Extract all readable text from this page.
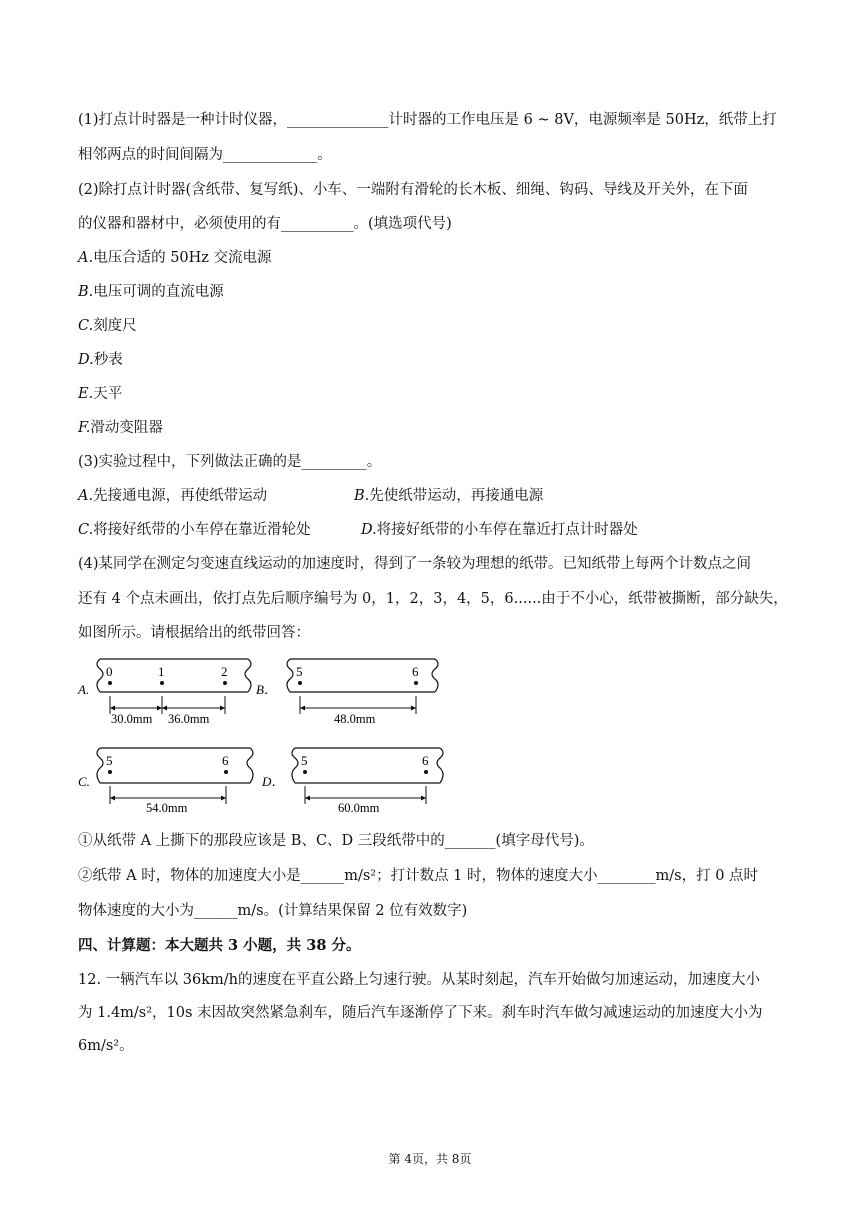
(1)打点计时器是一种计时仪器，______________计时器的工作电压是 6 ~ 8V，电源频率是 50Hz，纸带上打
相邻两点的时间间隔为_____________。
(2)除打点计时器(含纸带、复写纸)、小车、一端附有滑轮的长木板、细绳、钩码、导线及开关外，在下面
的仪器和器材中，必须使用的有__________。(填选项代号)
A.电压合适的 50Hz 交流电源
B.电压可调的直流电源
C.刻度尺
D.秒表
E.天平
F.滑动变阻器
(3)实验过程中，下列做法正确的是_________。
A.先接通电源，再使纸带运动	B.先使纸带运动，再接通电源
C.将接好纸带的小车停在靠近滑轮处	D.将接好纸带的小车停在靠近打点计时器处
(4)某同学在测定匀变速直线运动的加速度时，得到了一条较为理想的纸带。已知纸带上每两个计数点之间
还有 4 个点未画出，依打点先后顺序编号为 0，1，2，3，4，5，6......由于不小心，纸带被撕断，部分缺失，
如图所示。请根据给出的纸带回答：
A.
0	1	2
30.0mm 36.0mm
B．
5	6
48.0mm
C.
5	6
54.0mm
D．
5	6
60.0mm
①从纸带 A 上撕下的那段应该是 B、C、D 三段纸带中的_______(填字母代号)。
②纸带 A 时，物体的加速度大小是______m/s²；打计数点 1 时，物体的速度大小________m/s，打 0 点时
物体速度的大小为______m/s。(计算结果保留 2 位有效数字)
四、计算题：本大题共 3 小题，共 38 分。
12. 一辆汽车以 36km/h的速度在平直公路上匀速行驶。从某时刻起，汽车开始做匀加速运动，加速度大小
为 1.4m/s²，10s 末因故突然紧急刹车，随后汽车逐渐停了下来。刹车时汽车做匀减速运动的加速度大小为
6m/s²。
第 4页，共 8页
